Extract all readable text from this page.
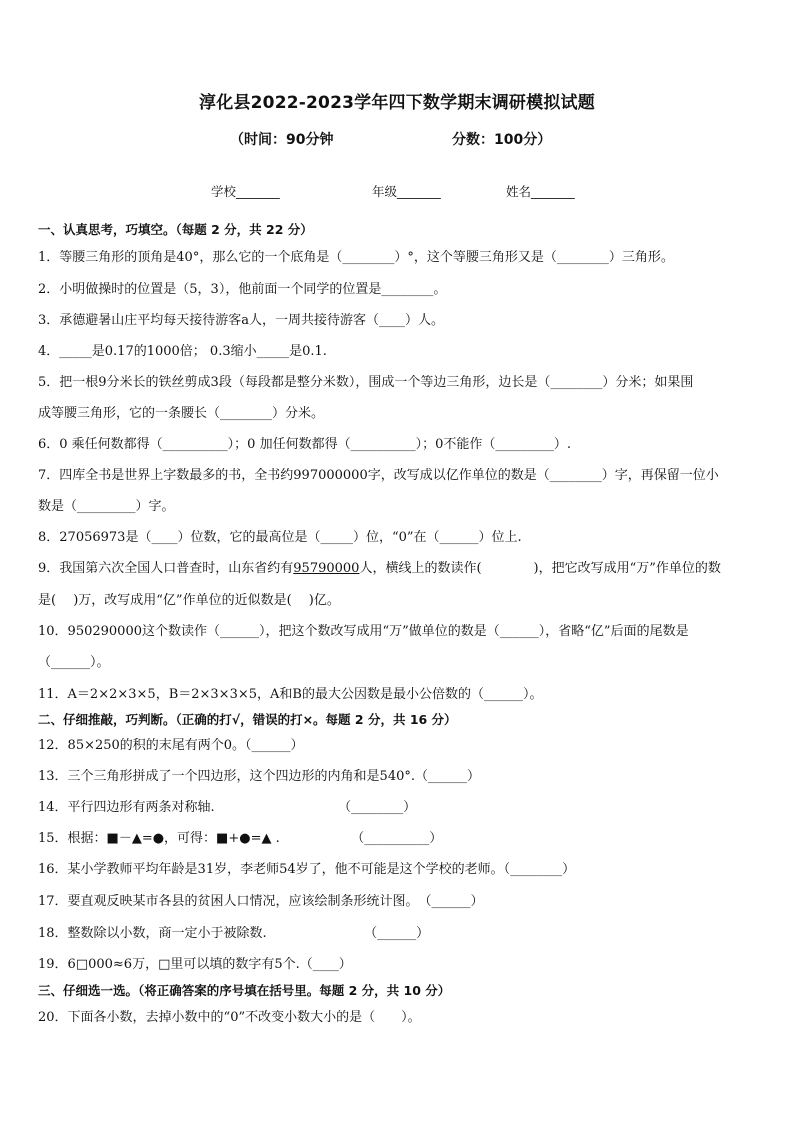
淳化县2022-2023学年四下数学期末调研模拟试题
（时间：90分钟	分数：100分）
学校_______	年级_______	姓名_______
一、认真思考，巧填空。（每题 2 分，共 22 分）
1．等腰三角形的顶角是40°，那么它的一个底角是（________）°，这个等腰三角形又是（________）三角形。
2．小明做操时的位置是（5，3），他前面一个同学的位置是________。
3．承德避暑山庄平均每天接待游客a人，一周共接待游客（____）人。
4．_____是0.17的1000倍； 0.3缩小_____是0.1.
5．把一根9分米长的铁丝剪成3段（每段都是整分米数），围成一个等边三角形，边长是（________）分米；如果围
成等腰三角形，它的一条腰长（________）分米。
6．0 乘任何数都得（__________）；0 加任何数都得（__________）；0不能作（_________）.
7．四库全书是世界上字数最多的书，全书约997000000字，改写成以亿作单位的数是（________）字，再保留一位小
数是（_________）字。
8．27056973是（____）位数，它的最高位是（_____）位，“0”在（______）位上.
9．我国第六次全国人口普查时，山东省约有95790000人，横线上的数读作(　　　　)，把它改写成用“万”作单位的数
是(　 )万，改写成用“亿”作单位的近似数是(　 )亿。
10．950290000这个数读作（______），把这个数改写成用“万”做单位的数是（______），省略“亿”后面的尾数是
（______）。
11．A＝2×2×3×5，B＝2×3×3×5，A和B的最大公因数是最小公倍数的（______）。
二、仔细推敲，巧判断。（正确的打√，错误的打×。每题 2 分，共 16 分）
12．85×250的积的末尾有两个0。（______）
13．三个三角形拼成了一个四边形，这个四边形的内角和是540°.（______）
14．平行四边形有两条对称轴.　　　　　　　　　　（________）
15．根据：■－▲=●，可得：■+●=▲ .　　　　　　（__________）
16．某小学教师平均年龄是31岁，李老师54岁了，他不可能是这个学校的老师。（________）
17．要直观反映某市各县的贫困人口情况，应该绘制条形统计图。　（______）
18．整数除以小数，商一定小于被除数.　　　　　　　　（______）
19．6□000≈6万，□里可以填的数字有5个.（____）
三、仔细选一选。（将正确答案的序号填在括号里。每题 2 分，共 10 分）
20．下面各小数，去掉小数中的“0”不改变小数大小的是（　　）。
